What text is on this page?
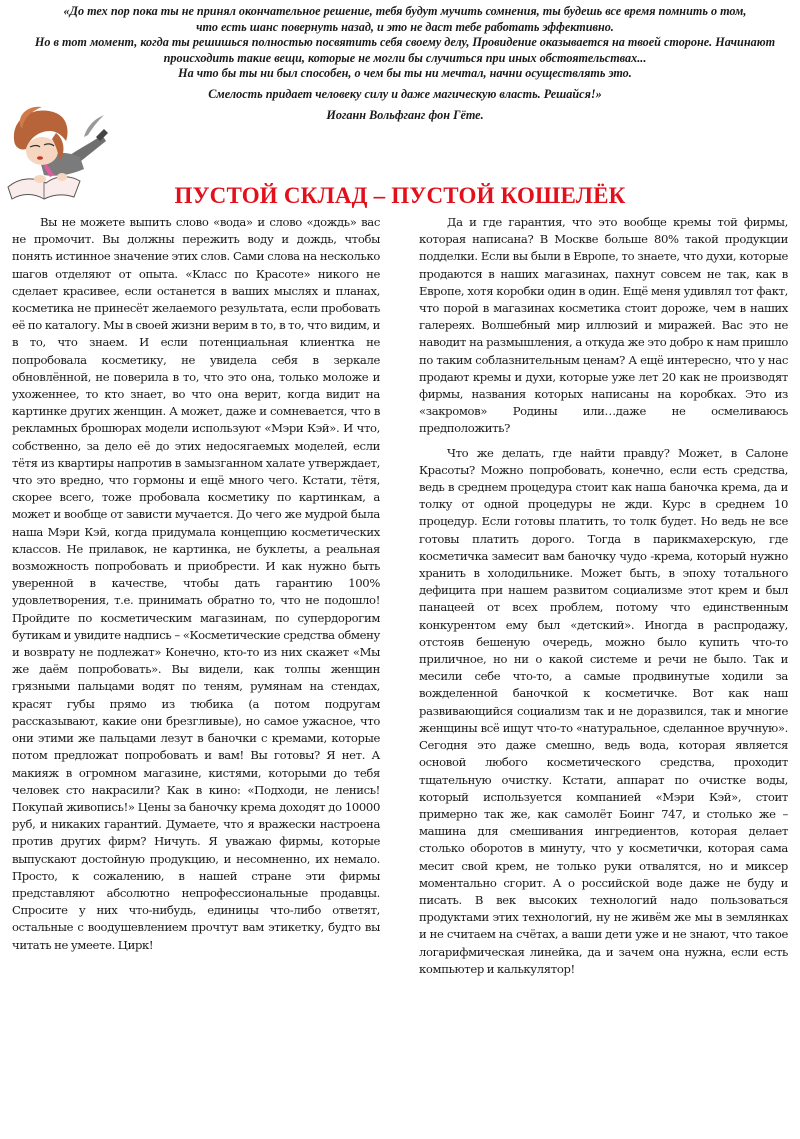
«До тех пор пока ты не принял окончательное решение, тебя будут мучить сомнения, ты будешь все время помнить о том,

что есть шанс повернуть назад, и это не даст тебе работать эффективно.

Но в тот момент, когда ты решишься полностью посвятить себя своему делу, Провидение оказывается на твоей стороне. Начинают происходить такие вещи, которые не могли бы случиться при иных обстоятельствах...

На что бы ты ни был способен, о чем бы ты ни мечтал, начни осуществлять это.

Смелость придает человеку силу и даже магическую власть. Решайся!»

Иоганн Вольфганг фон Гёте.

ПУСТОЙ СКЛАД – ПУСТОЙ КОШЕЛЁК

Вы не можете выпить слово «вода» и слово «дождь» вас не промочит. Вы должны пережить воду и дождь, чтобы понять истинное значение этих слов. Сами слова на несколько шагов отделяют от опыта. «Класс по Красоте» никого не сделает красивее, если останется в ваших мыслях и планах, косметика не принесёт желаемого результата, если пробовать её по каталогу. Мы в своей жизни верим в то, в то, что видим, и в то, что знаем. И если потенциальная клиентка не попробовала косметику, не увидела себя в зеркале обновлённой, не поверила в то, что это она, только моложе и ухоженнее, то кто знает, во что она верит, когда видит на картинке других женщин. А может, даже и сомневается, что в рекламных брошюрах модели используют «Мэри Кэй». И что, собственно, за дело её до этих недосягаемых моделей, если тётя из квартиры напротив в замызганном халате утверждает, что это вредно, что гормоны и ещё много чего. Кстати, тётя, скорее всего, тоже пробовала косметику по картинкам, а может и вообще от зависти мучается. До чего же мудрой была наша Мэри Кэй, когда придумала концепцию косметических классов. Не прилавок, не картинка, не буклеты, а реальная возможность попробовать и приобрести. И как нужно быть уверенной в качестве, чтобы дать гарантию 100% удовлетворения, т.е. принимать обратно то, что не подошло! Пройдите по косметическим магазинам, по супердорогим бутикам и увидите надпись – «Косметические средства обмену и возврату не подлежат» Конечно, кто-то из них скажет «Мы же даём попробовать». Вы видели, как толпы женщин грязными пальцами водят по теням, румянам на стендах, красят губы прямо из тюбика (а потом подругам рассказывают, какие они брезгливые), но самое ужасное, что они этими же пальцами лезут в баночки с кремами, которые потом предложат попробовать и вам! Вы готовы? Я нет. А макияж в огромном магазине, кистями, которыми до тебя человек сто накрасили? Как в кино: «Подходи, не ленись! Покупай живопись!» Цены за баночку крема доходят до 10000 руб, и никаких гарантий. Думаете, что я вражески настроена против других фирм? Ничуть. Я уважаю фирмы, которые выпускают достойную продукцию, и несомненно, их немало. Просто, к сожалению, в нашей стране эти фирмы представляют абсолютно непрофессиональные продавцы. Спросите у них что-нибудь, единицы что-либо ответят, остальные с воодушевлением прочтут вам этикетку, будто вы читать не умеете. Цирк!

Да и где гарантия, что это вообще кремы той фирмы, которая написана? В Москве больше 80% такой продукции подделки. Если вы были в Европе, то знаете, что духи, которые продаются в наших магазинах, пахнут совсем не так, как в Европе, хотя коробки один в один. Ещё меня удивлял тот факт, что порой в магазинах косметика стоит дороже, чем в наших галереях. Волшебный мир иллюзий и миражей. Вас это не наводит на размышления, а откуда же это добро к нам пришло по таким соблазнительным ценам? А ещё интересно, что у нас продают кремы и духи, которые уже лет 20 как не производят фирмы, названия которых написаны на коробках. Это из «закромов» Родины или…даже не осмеливаюсь предположить?

Что же делать, где найти правду? Может, в Салоне Красоты? Можно попробовать, конечно, если есть средства, ведь в среднем процедура стоит как наша баночка крема, да и толку от одной процедуры не жди. Курс в среднем 10 процедур. Если готовы платить, то толк будет. Но ведь не все готовы платить дорого. Тогда в парикмахерскую, где косметичка замесит вам баночку чудо -крема, который нужно хранить в холодильнике. Может быть, в эпоху тотального дефицита при нашем развитом социализме этот крем и был панацеей от всех проблем, потому что единственным конкурентом ему был «детский». Иногда в распродажу, отстояв бешеную очередь, можно было купить что-то приличное, но ни о какой системе и речи не было. Так и месили себе что-то, а самые продвинутые ходили за вожделенной баночкой к косметичке. Вот как наш развивающийся социализм так и не доразвился, так и многие женщины всё ищут что-то «натуральное, сделанное вручную». Сегодня это даже смешно, ведь вода, которая является основой любого косметического средства, проходит тщательную очистку. Кстати, аппарат по очистке воды, который используется компанией «Мэри Кэй», стоит примерно так же, как самолёт Боинг 747, и столько же – машина для смешивания ингредиентов, которая делает столько оборотов в минуту, что у косметички, которая сама месит свой крем, не только руки отвалятся, но и миксер моментально сгорит. А о российской воде даже не буду и писать. В век высоких технологий надо пользоваться продуктами этих технологий, ну не живём же мы в землянках и не считаем на счётах, а ваши дети уже и не знают, что такое логарифмическая линейка, да и зачем она нужна, если есть компьютер и калькулятор!
